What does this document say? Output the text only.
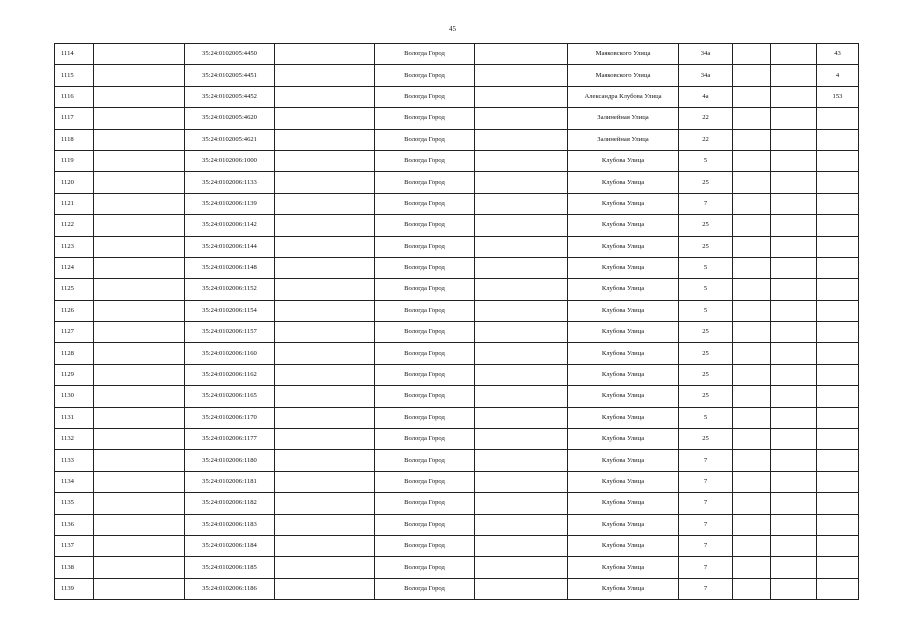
45
1114		35:24:0102005:4450		Вологда Город		Маяковского Улица	34а			43
1115		35:24:0102005:4451		Вологда Город		Маяковского Улица	34а			4
1116		35:24:0102005:4452		Вологда Город		Александра Клубова Улица	4а			153
1117		35:24:0102005:4620		Вологда Город		Залинейная Улица	22			
1118		35:24:0102005:4621		Вологда Город		Залинейная Улица	22			
1119		35:24:0102006:1000		Вологда Город		Клубова Улица	5			
1120		35:24:0102006:1133		Вологда Город		Клубова Улица	25			
1121		35:24:0102006:1139		Вологда Город		Клубова Улица	7			
1122		35:24:0102006:1142		Вологда Город		Клубова Улица	25			
1123		35:24:0102006:1144		Вологда Город		Клубова Улица	25			
1124		35:24:0102006:1148		Вологда Город		Клубова Улица	5			
1125		35:24:0102006:1152		Вологда Город		Клубова Улица	5			
1126		35:24:0102006:1154		Вологда Город		Клубова Улица	5			
1127		35:24:0102006:1157		Вологда Город		Клубова Улица	25			
1128		35:24:0102006:1160		Вологда Город		Клубова Улица	25			
1129		35:24:0102006:1162		Вологда Город		Клубова Улица	25			
1130		35:24:0102006:1165		Вологда Город		Клубова Улица	25			
1131		35:24:0102006:1170		Вологда Город		Клубова Улица	5			
1132		35:24:0102006:1177		Вологда Город		Клубова Улица	25			
1133		35:24:0102006:1180		Вологда Город		Клубова Улица	7			
1134		35:24:0102006:1181		Вологда Город		Клубова Улица	7			
1135		35:24:0102006:1182		Вологда Город		Клубова Улица	7			
1136		35:24:0102006:1183		Вологда Город		Клубова Улица	7			
1137		35:24:0102006:1184		Вологда Город		Клубова Улица	7			
1138		35:24:0102006:1185		Вологда Город		Клубова Улица	7			
1139		35:24:0102006:1186		Вологда Город		Клубова Улица	7			
